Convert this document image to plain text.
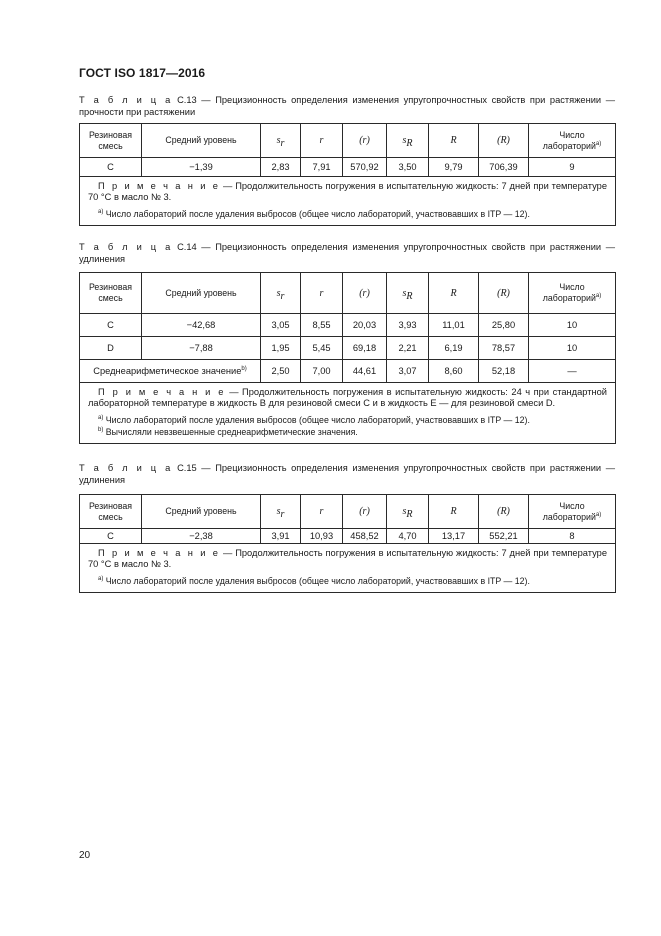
ГОСТ ISO 1817—2016
Т а б л и ц а С.13 — Прецизионность определения изменения упругопрочностных свойств при растяжении — прочности при растяжении
Резиновая смесь	Средний уровень	$s_r$	r	(r)	$s_R$	R	(R)	Число лабораторий$^{a)}$
C	−1,39	2,83	7,91	570,92	3,50	9,79	706,39	9

П р и м е ч а н и е — Продолжительность погружения в испытательную жидкость: 7 дней при температуре 70 °C в масло № 3.

$^{a)}$ Число лабораторий после удаления выбросов (общее число лабораторий, участвовавших в ITP — 12).								

Т а б л и ц а С.14 — Прецизионность определения изменения упругопрочностных свойств при растяжении — удлинения
Резиновая смесь	Средний уровень	$s_r$	r	(r)	$s_R$	R	(R)	Число лабораторий$^{a)}$
C	−42,68	3,05	8,55	20,03	3,93	11,01	25,80	10
D	−7,88	1,95	5,45	69,18	2,21	6,19	78,57	10
Среднеарифметическое значение$^{b)}$		2,50	7,00	44,61	3,07	8,60	52,18	—

П р и м е ч а н и е — Продолжительность погружения в испытательную жидкость: 24 ч при стандартной лабораторной температуре в жидкость B для резиновой смеси C и в жидкость E — для резиновой смеси D.

$^{a)}$ Число лабораторий после удаления выбросов (общее число лабораторий, участвовавших в ITP — 12).

$^{b)}$ Вычисляли невзвешенные среднеарифметические значения.								

Т а б л и ц а С.15 — Прецизионность определения изменения упругопрочностных свойств при растяжении — удлинения
Резиновая смесь	Средний уровень	$s_r$	r	(r)	$s_R$	R	(R)	Число лабораторий$^{a)}$
C	−2,38	3,91	10,93	458,52	4,70	13,17	552,21	8

П р и м е ч а н и е — Продолжительность погружения в испытательную жидкость: 7 дней при температуре 70 °C в масло № 3.

$^{a)}$ Число лабораторий после удаления выбросов (общее число лабораторий, участвовавших в ITP — 12).								

20
